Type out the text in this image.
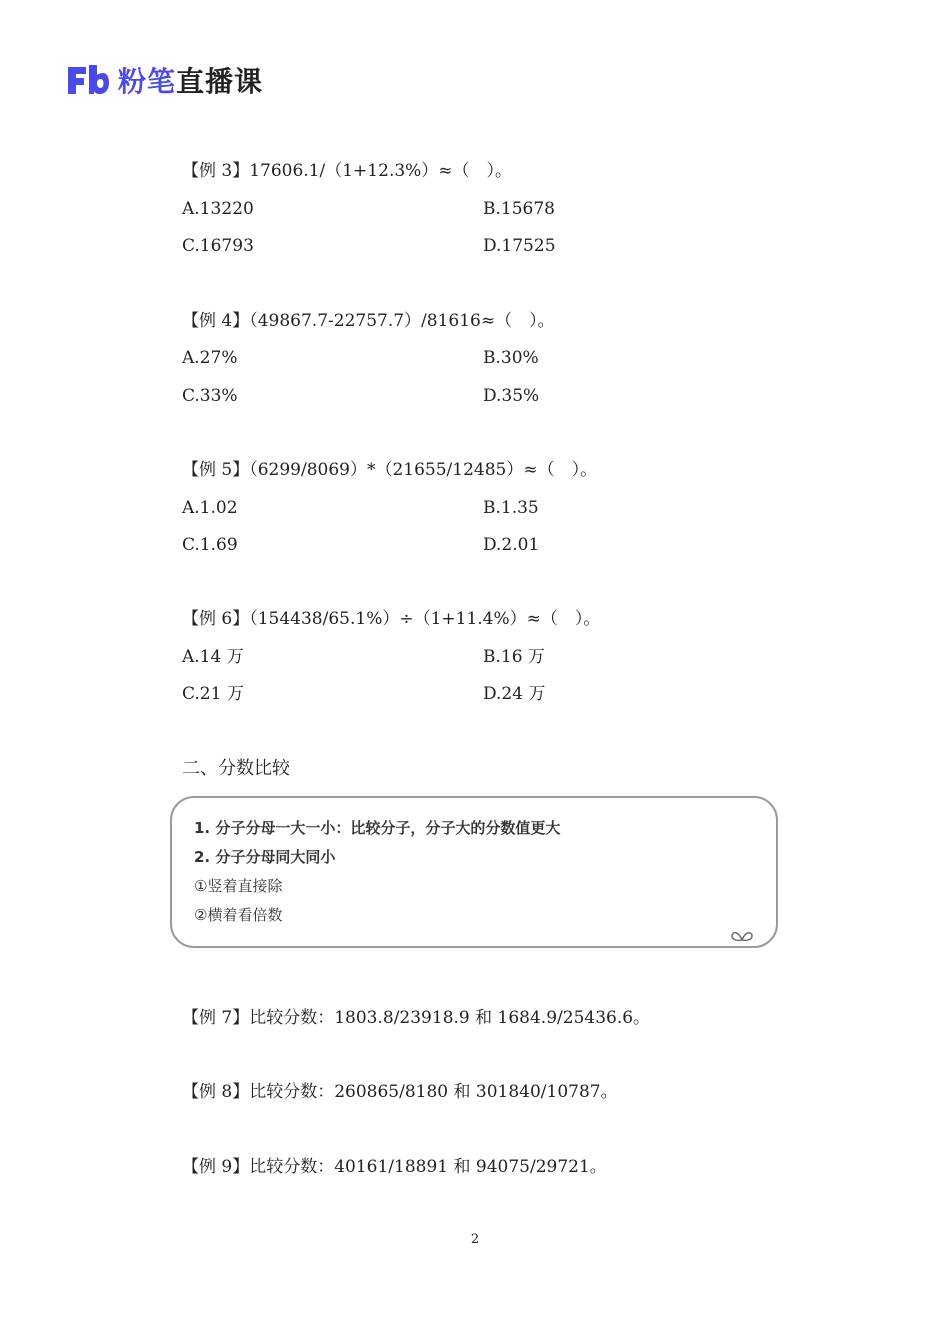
粉笔直播课
【例 3】17606.1/（1+12.3%）≈（　）。
A.13220	B.15678
C.16793	D.17525
【例 4】（49867.7-22757.7）/81616≈（　）。
A.27%	B.30%
C.33%	D.35%
【例 5】（6299/8069）*（21655/12485）≈（　）。
A.1.02	B.1.35
C.1.69	D.2.01
【例 6】（154438/65.1%）÷（1+11.4%）≈（　）。
A.14 万	B.16 万
C.21 万	D.24 万
二、分数比较
1. 分子分母一大一小：比较分子，分子大的分数值更大
2. 分子分母同大同小
①竖着直接除
②横着看倍数
【例 7】比较分数：1803.8/23918.9 和 1684.9/25436.6。
【例 8】比较分数：260865/8180 和 301840/10787。
【例 9】比较分数：40161/18891 和 94075/29721。
2
